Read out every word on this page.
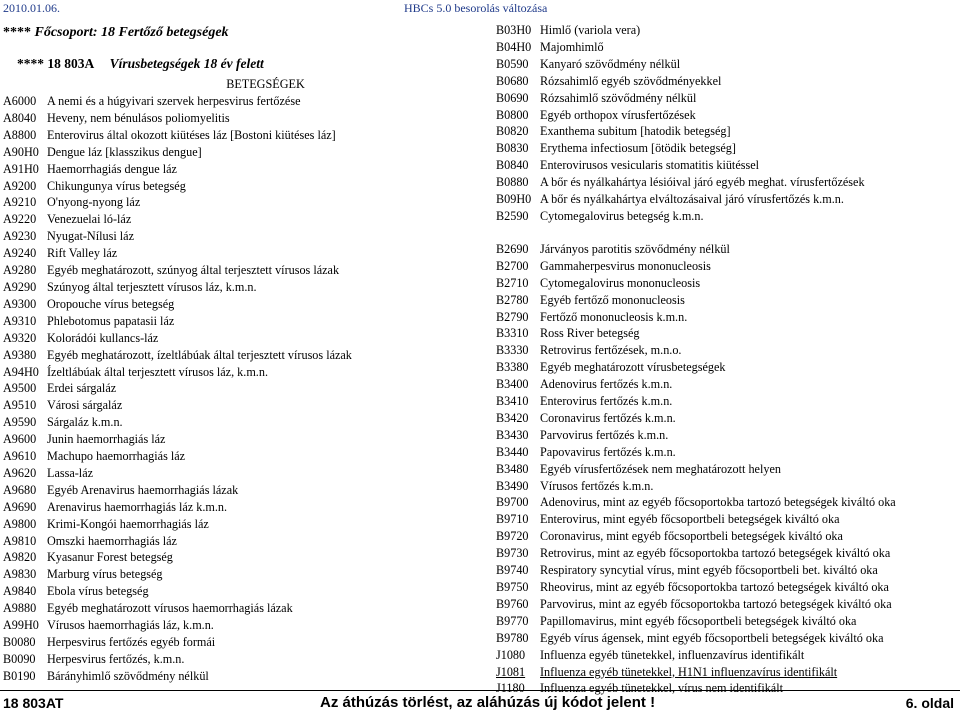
2010.01.06.	HBCs 5.0 besorolás változása
**** Főcsoport: 18 Fertőző betegségek
**** 18 803A Vírusbetegségek 18 év felett
BETEGSÉGEK
A6000 A nemi és a húgyivari szervek herpesvirus fertőzése
A8040 Heveny, nem bénulásos poliomyelitis
A8800 Enterovirus által okozott kiütéses láz [Bostoni kiütéses láz]
A90H0 Dengue láz [klasszikus dengue]
A91H0 Haemorrhagiás dengue láz
A9200 Chikungunya vírus betegség
A9210 O'nyong-nyong láz
A9220 Venezuelai ló-láz
A9230 Nyugat-Nílusi láz
A9240 Rift Valley láz
A9280 Egyéb meghatározott, szúnyog által terjesztett vírusos lázak
A9290 Szúnyog által terjesztett vírusos láz, k.m.n.
A9300 Oropouche vírus betegség
A9310 Phlebotomus papatasii láz
A9320 Kolorádói kullancs-láz
A9380 Egyéb meghatározott, ízeltlábúak által terjesztett vírusos lázak
A94H0 Ízeltlábúak által terjesztett vírusos láz, k.m.n.
A9500 Erdei sárgaláz
A9510 Városi sárgaláz
A9590 Sárgaláz k.m.n.
A9600 Junin haemorrhagiás láz
A9610 Machupo haemorrhagiás láz
A9620 Lassa-láz
A9680 Egyéb Arenavirus haemorrhagiás lázak
A9690 Arenavirus haemorrhagiás láz k.m.n.
A9800 Krimi-Kongói haemorrhagiás láz
A9810 Omszki haemorrhagiás láz
A9820 Kyasanur Forest betegség
A9830 Marburg vírus betegség
A9840 Ebola vírus betegség
A9880 Egyéb meghatározott vírusos haemorrhagiás lázak
A99H0 Vírusos haemorrhagiás láz, k.m.n.
B0080 Herpesvirus fertőzés egyéb formái
B0090 Herpesvirus fertőzés, k.m.n.
B0190 Bárányhimlő szövődmény nélkül
B03H0 Himlő (variola vera)
B04H0 Majomhimlő
B0590 Kanyaró szövődmény nélkül
B0680 Rózsahimlő egyéb szövődményekkel
B0690 Rózsahimlő szövődmény nélkül
B0800 Egyéb orthopox vírusfertőzések
B0820 Exanthema subitum [hatodik betegség]
B0830 Erythema infectiosum [ötödik betegség]
B0840 Enterovirusos vesicularis stomatitis kiütéssel
B0880 A bőr és nyálkahártya lésióival járó egyéb meghat. vírusfertőzések
B09H0 A bőr és nyálkahártya elváltozásaival járó vírusfertőzés k.m.n.
B2590 Cytomegalovirus betegség k.m.n.
B2690 Járványos parotitis szövődmény nélkül
B2700 Gammaherpesvirus mononucleosis
B2710 Cytomegalovirus mononucleosis
B2780 Egyéb fertőző mononucleosis
B2790 Fertőző mononucleosis k.m.n.
B3310 Ross River betegség
B3330 Retrovirus fertőzések, m.n.o.
B3380 Egyéb meghatározott vírusbetegségek
B3400 Adenovirus fertőzés k.m.n.
B3410 Enterovirus fertőzés k.m.n.
B3420 Coronavirus fertőzés k.m.n.
B3430 Parvovirus fertőzés k.m.n.
B3440 Papovavirus fertőzés k.m.n.
B3480 Egyéb vírusfertőzések nem meghatározott helyen
B3490 Vírusos fertőzés k.m.n.
B9700 Adenovirus, mint az egyéb főcsoportokba tartozó betegségek kiváltó oka
B9710 Enterovirus, mint egyéb főcsoportbeli betegségek kiváltó oka
B9720 Coronavirus, mint egyéb főcsoportbeli betegségek kiváltó oka
B9730 Retrovirus, mint az egyéb főcsoportokba tartozó betegségek kiváltó oka
B9740 Respiratory syncytial vírus, mint egyéb főcsoportbeli bet. kiváltó oka
B9750 Rheovirus, mint az egyéb főcsoportokba tartozó betegségek kiváltó oka
B9760 Parvovirus, mint az egyéb főcsoportokba tartozó betegségek kiváltó oka
B9770 Papillomavirus, mint egyéb főcsoportbeli betegségek kiváltó oka
B9780 Egyéb vírus ágensek, mint egyéb főcsoportbeli betegségek kiváltó oka
J1080	Influenza egyéb tünetekkel, influenzavírus identifikált
J1081	Influenza egyéb tünetekkel, H1N1 influenzavírus identifikált
J1180	Influenza egyéb tünetekkel, vírus nem identifikált
18 803AT	Az áthúzás törlést, az aláhúzás új kódot jelent !	6. oldal
